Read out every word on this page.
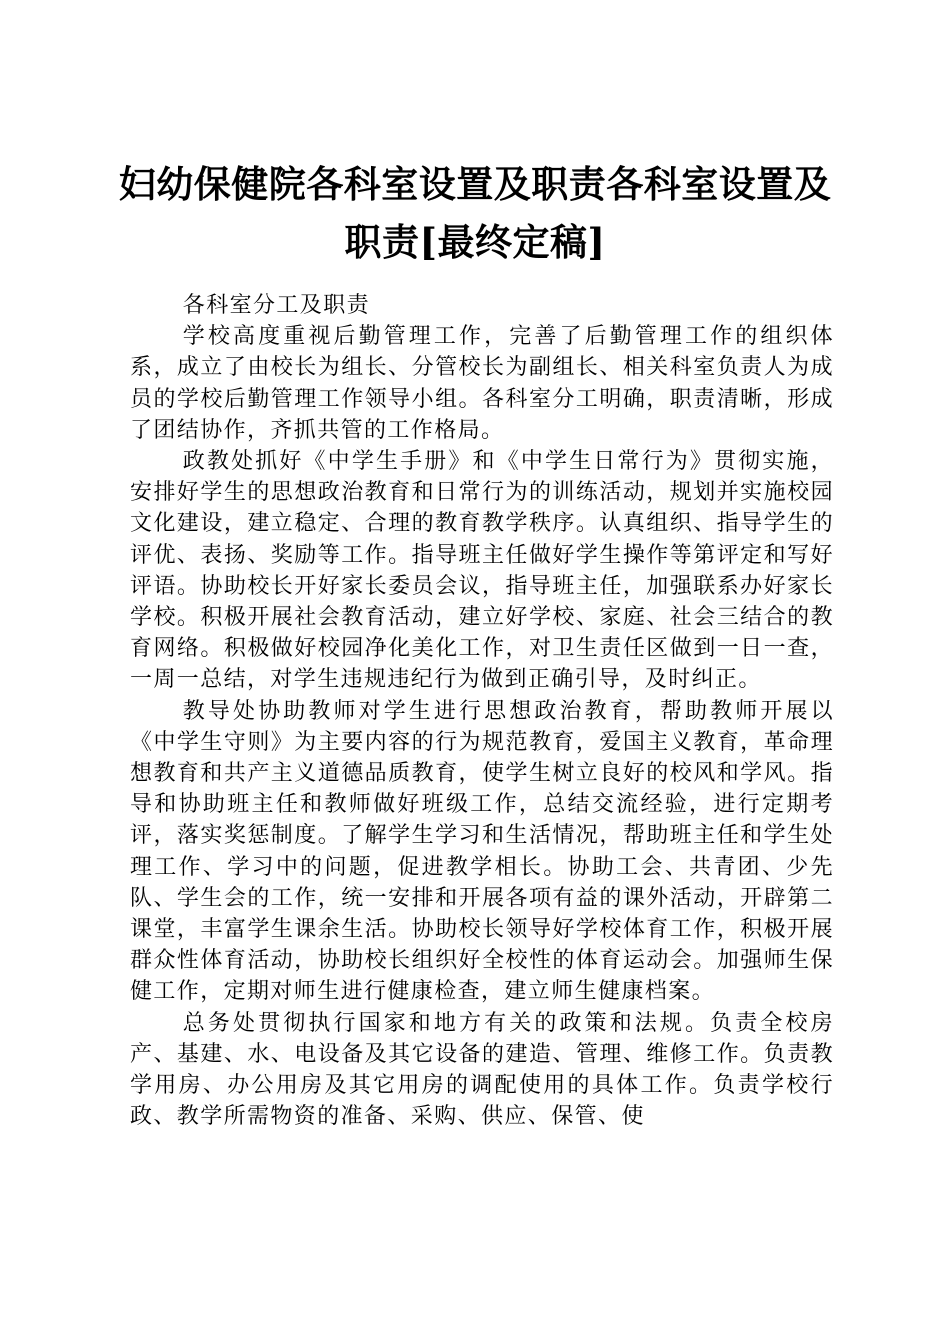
妇幼保健院各科室设置及职责各科室设置及职责[最终定稿]

各科室分工及职责

学校高度重视后勤管理工作，完善了后勤管理工作的组织体系，成立了由校长为组长、分管校长为副组长、相关科室负责人为成员的学校后勤管理工作领导小组。各科室分工明确，职责清晰，形成了团结协作，齐抓共管的工作格局。

政教处抓好《中学生手册》和《中学生日常行为》贯彻实施，安排好学生的思想政治教育和日常行为的训练活动，规划并实施校园文化建设，建立稳定、合理的教育教学秩序。认真组织、指导学生的评优、表扬、奖励等工作。指导班主任做好学生操作等第评定和写好评语。协助校长开好家长委员会议，指导班主任，加强联系办好家长学校。积极开展社会教育活动，建立好学校、家庭、社会三结合的教育网络。积极做好校园净化美化工作，对卫生责任区做到一日一查，一周一总结，对学生违规违纪行为做到正确引导，及时纠正。

教导处协助教师对学生进行思想政治教育，帮助教师开展以《中学生守则》为主要内容的行为规范教育，爱国主义教育，革命理想教育和共产主义道德品质教育，使学生树立良好的校风和学风。指导和协助班主任和教师做好班级工作，总结交流经验，进行定期考评，落实奖惩制度。了解学生学习和生活情况，帮助班主任和学生处理工作、学习中的问题，促进教学相长。协助工会、共青团、少先队、学生会的工作，统一安排和开展各项有益的课外活动，开辟第二课堂，丰富学生课余生活。协助校长领导好学校体育工作，积极开展群众性体育活动，协助校长组织好全校性的体育运动会。加强师生保健工作，定期对师生进行健康检查，建立师生健康档案。

总务处贯彻执行国家和地方有关的政策和法规。负责全校房产、基建、水、电设备及其它设备的建造、管理、维修工作。负责教学用房、办公用房及其它用房的调配使用的具体工作。负责学校行政、教学所需物资的准备、采购、供应、保管、使
